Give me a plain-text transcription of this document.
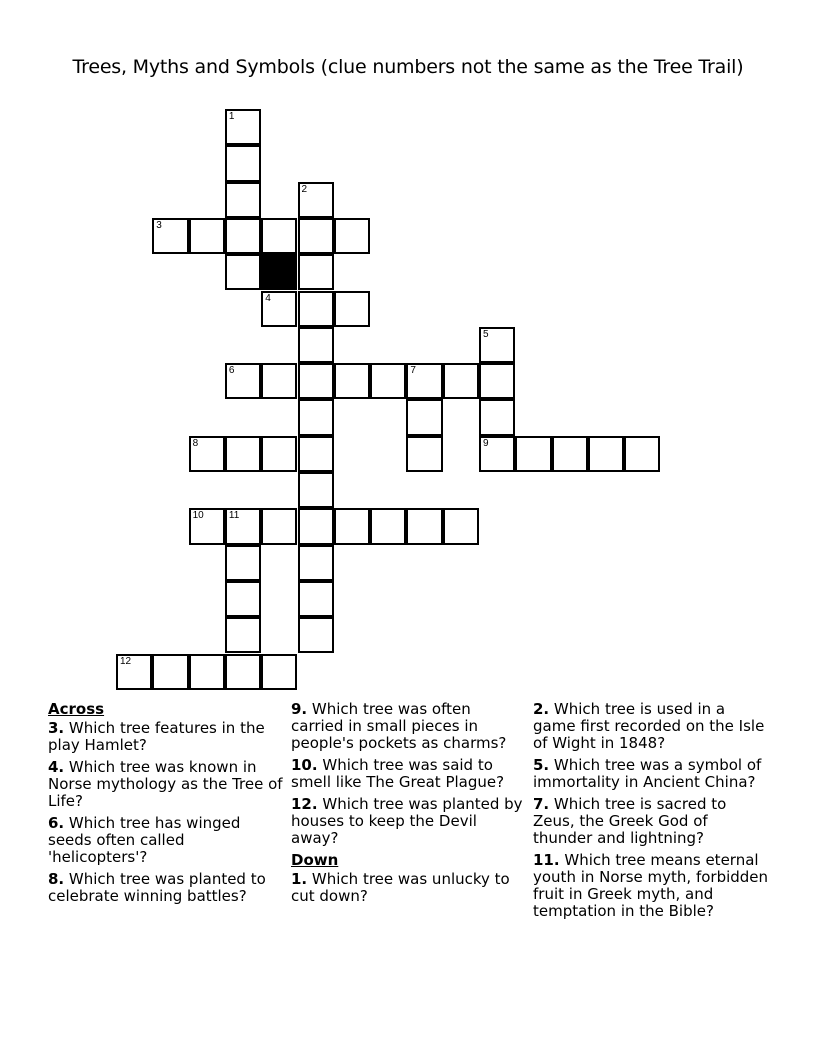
Trees, Myths and Symbols (clue numbers not the same as the Tree Trail)
1
2
3
4
5
9
6	7
8
10	11
12
Across
3. Which tree features in the play Hamlet?
4. Which tree was known in Norse mythology as the Tree of Life?
6. Which tree has winged seeds often called 'helicopters'?
8. Which tree was planted to celebrate winning battles?
9. Which tree was often carried in small pieces in people's pockets as charms?
10. Which tree was said to smell like The Great Plague?
12. Which tree was planted by houses to keep the Devil away?
Down
1. Which tree was unlucky to cut down?
2. Which tree is used in a game first recorded on the Isle of Wight in 1848?
5. Which tree was a symbol of immortality in Ancient China?
7. Which tree is sacred to Zeus, the Greek God of thunder and lightning?
11. Which tree means eternal youth in Norse myth, forbidden fruit in Greek myth, and temptation in the Bible?
